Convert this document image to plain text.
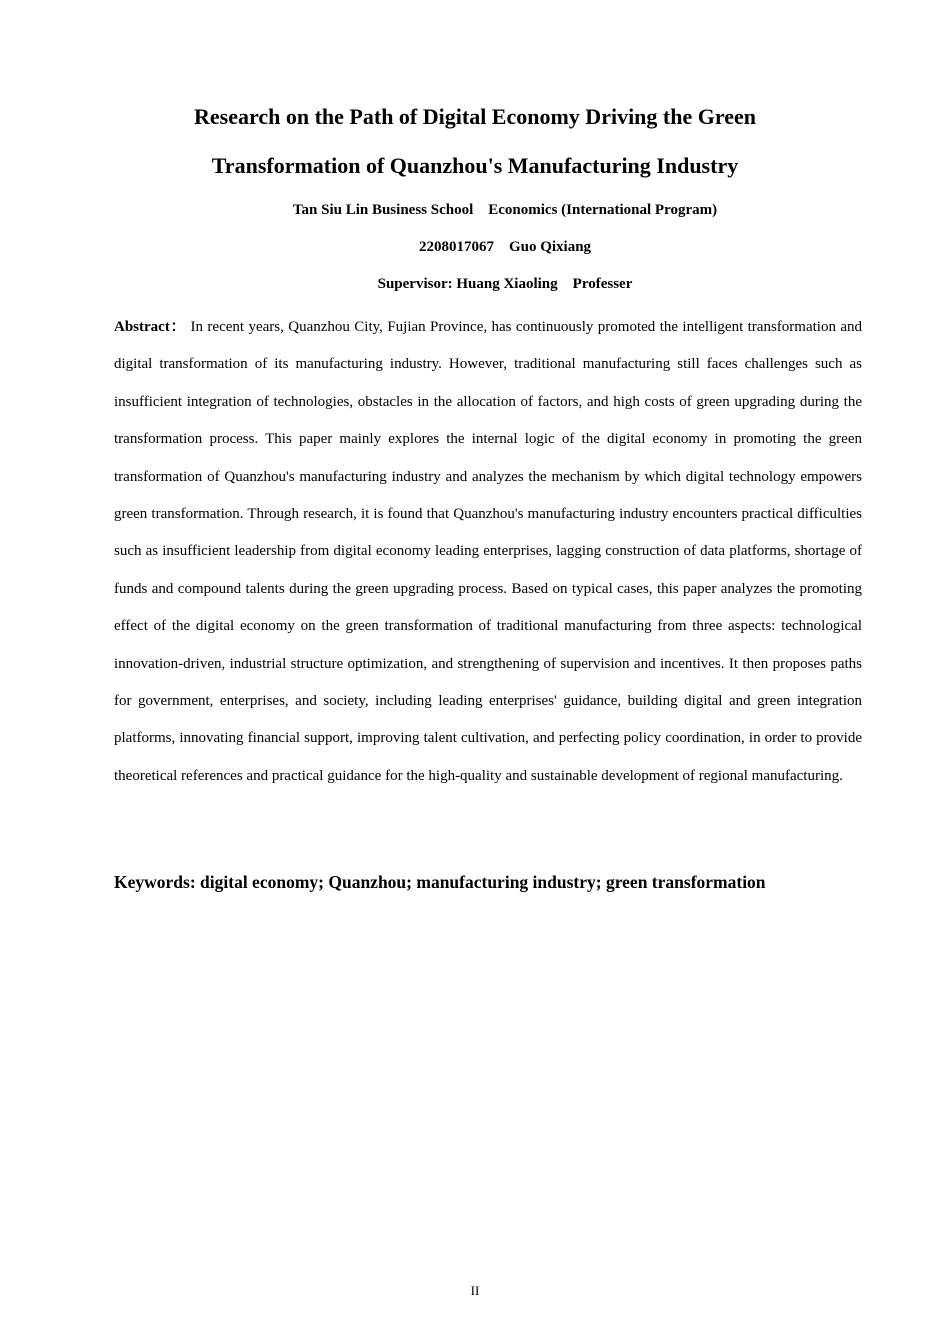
Research on the Path of Digital Economy Driving the Green
Transformation of Quanzhou's Manufacturing Industry
Tan Siu Lin Business School    Economics (International Program)
2208017067    Guo Qixiang
Supervisor: Huang Xiaoling    Professer

Abstract： In recent years, Quanzhou City, Fujian Province, has continuously promoted the intelligent transformation and digital transformation of its manufacturing industry. However, traditional manufacturing still faces challenges such as insufficient integration of technologies, obstacles in the allocation of factors, and high costs of green upgrading during the transformation process. This paper mainly explores the internal logic of the digital economy in promoting the green transformation of Quanzhou's manufacturing industry and analyzes the mechanism by which digital technology empowers green transformation. Through research, it is found that Quanzhou's manufacturing industry encounters practical difficulties such as insufficient leadership from digital economy leading enterprises, lagging construction of data platforms, shortage of funds and compound talents during the green upgrading process. Based on typical cases, this paper analyzes the promoting effect of the digital economy on the green transformation of traditional manufacturing from three aspects: technological innovation-driven, industrial structure optimization, and strengthening of supervision and incentives. It then proposes paths for government, enterprises, and society, including leading enterprises' guidance, building digital and green integration platforms, innovating financial support, improving talent cultivation, and perfecting policy coordination, in order to provide theoretical references and practical guidance for the high-quality and sustainable development of regional manufacturing.

Keywords: digital economy; Quanzhou; manufacturing industry; green transformation
II
